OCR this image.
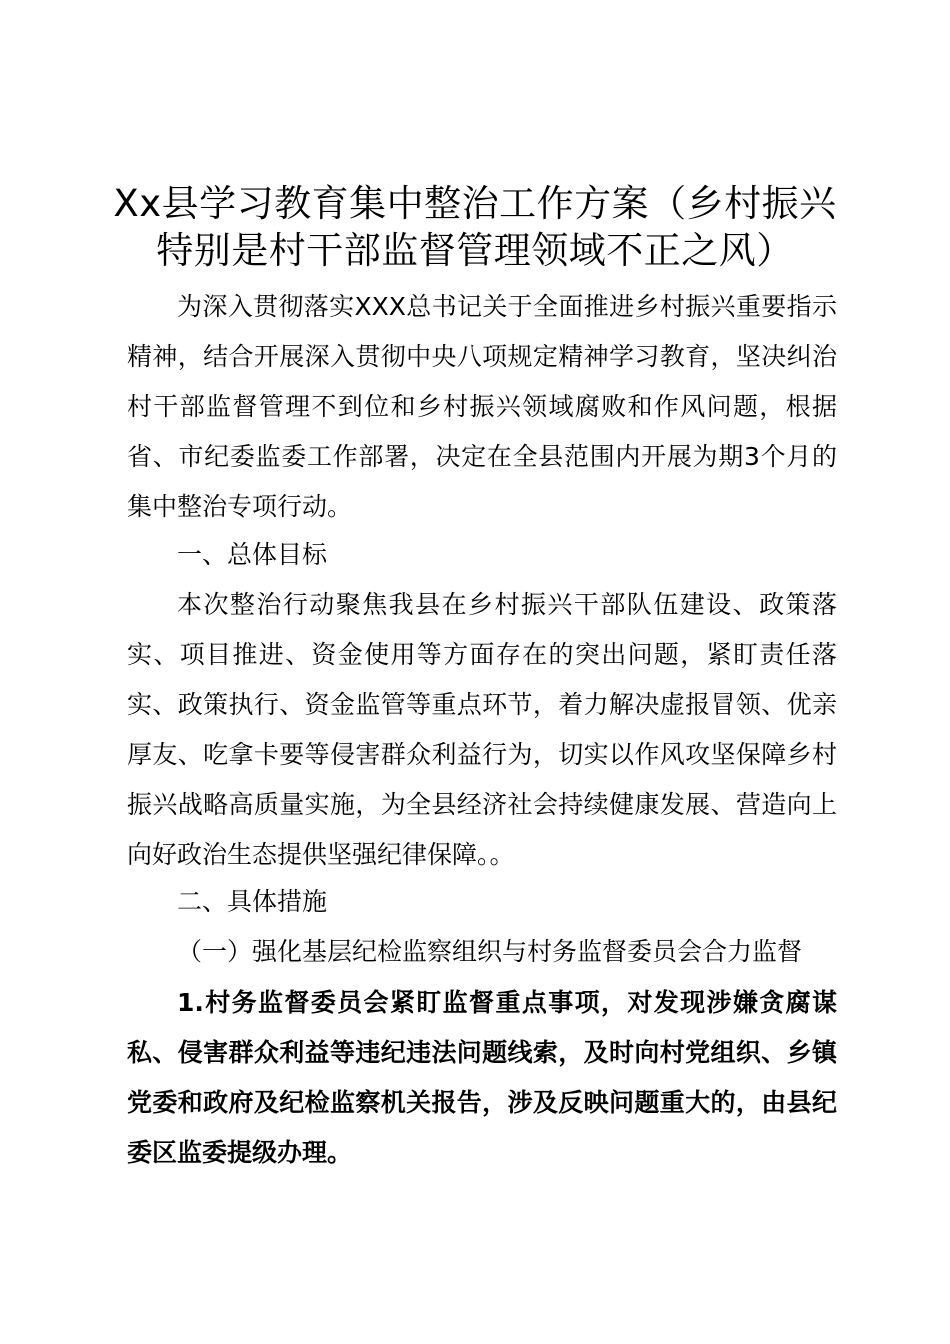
Xx县学习教育集中整治工作方案（乡村振兴
特别是村干部监督管理领域不正之风）

为深入贯彻落实XXX总书记关于全面推进乡村振兴重要指示精神，结合开展深入贯彻中央八项规定精神学习教育，坚决纠治村干部监督管理不到位和乡村振兴领域腐败和作风问题，根据省、市纪委监委工作部署，决定在全县范围内开展为期3个月的集中整治专项行动。

一、总体目标

本次整治行动聚焦我县在乡村振兴干部队伍建设、政策落实、项目推进、资金使用等方面存在的突出问题，紧盯责任落实、政策执行、资金监管等重点环节，着力解决虚报冒领、优亲厚友、吃拿卡要等侵害群众利益行为，切实以作风攻坚保障乡村振兴战略高质量实施，为全县经济社会持续健康发展、营造向上向好政治生态提供坚强纪律保障。。

二、具体措施

（一）强化基层纪检监察组织与村务监督委员会合力监督

1.村务监督委员会紧盯监督重点事项，对发现涉嫌贪腐谋私、侵害群众利益等违纪违法问题线索，及时向村党组织、乡镇党委和政府及纪检监察机关报告，涉及反映问题重大的，由县纪委区监委提级办理。
